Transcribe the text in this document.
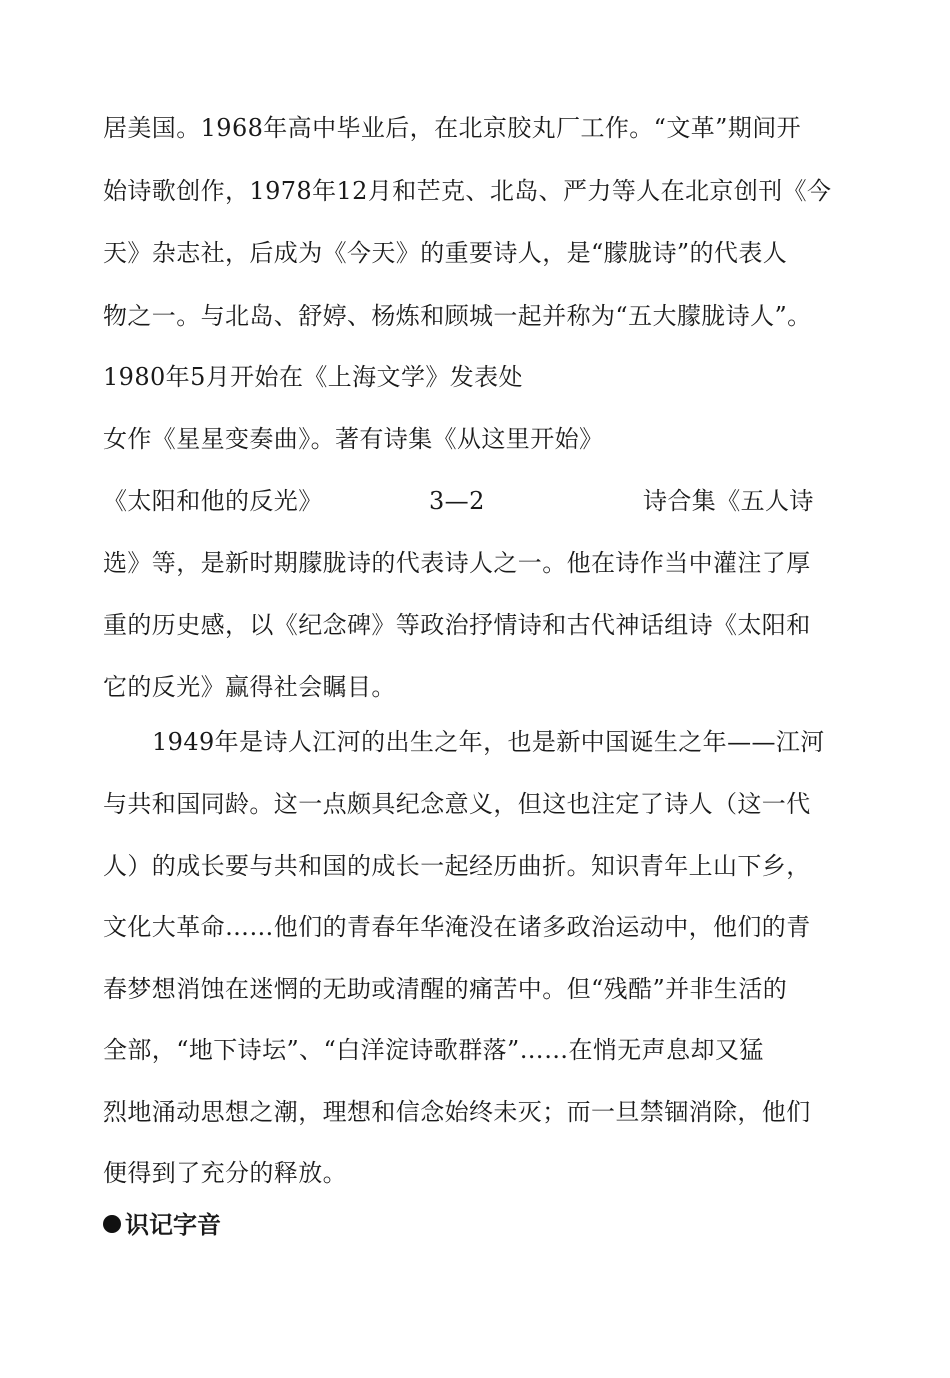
居美国。1968年高中毕业后，在北京胶丸厂工作。“文革”期间开
始诗歌创作，1978年12月和芒克、北岛、严力等人在北京创刊《今
天》杂志社，后成为《今天》的重要诗人，是“朦胧诗”的代表人
物之一。与北岛、舒婷、杨炼和顾城一起并称为“五大朦胧诗人”。
1980年5月开始在《上海文学》发表处
女作《星星变奏曲》。著有诗集《从这里开始》
《太阳和他的反光》	3—2	诗合集《五人诗
选》等，是新时期朦胧诗的代表诗人之一。他在诗作当中灌注了厚
重的历史感，以《纪念碑》等政治抒情诗和古代神话组诗《太阳和
它的反光》赢得社会瞩目。
1949年是诗人江河的出生之年，也是新中国诞生之年——江河
与共和国同龄。这一点颇具纪念意义，但这也注定了诗人（这一代
人）的成长要与共和国的成长一起经历曲折。知识青年上山下乡，
文化大革命……他们的青春年华淹没在诸多政治运动中，他们的青
春梦想消蚀在迷惘的无助或清醒的痛苦中。但“残酷”并非生活的
全部，“地下诗坛”、“白洋淀诗歌群落”……在悄无声息却又猛
烈地涌动思想之潮，理想和信念始终未灭；而一旦禁锢消除，他们
便得到了充分的释放。
识记字音
